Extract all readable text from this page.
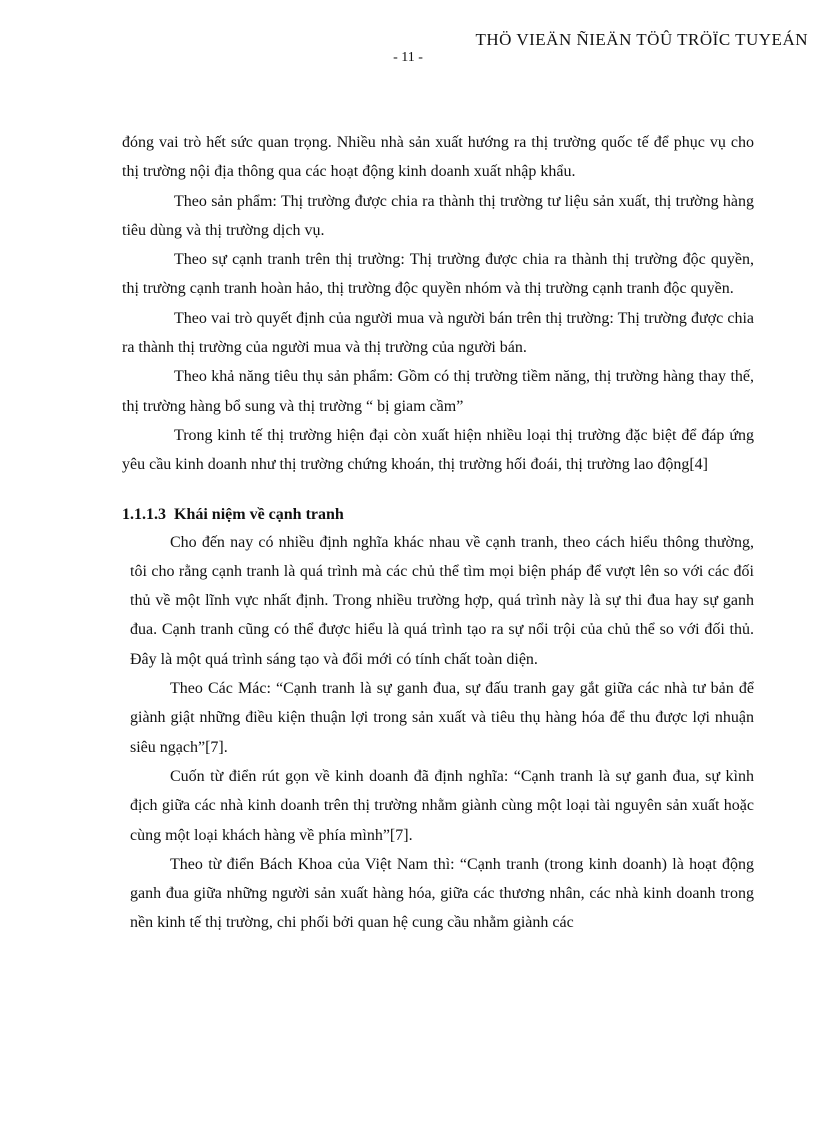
THÖ VIEÄN ÑIEÄN TÖÛ TRÖÏC TUYEÁN
- 11 -

đóng vai trò hết sức quan trọng. Nhiều nhà sản xuất hướng ra thị trường quốc tế để phục vụ cho thị trường nội địa thông qua các hoạt động kinh doanh xuất nhập khẩu.

Theo sản phẩm: Thị trường được chia ra thành thị trường tư liệu sản xuất, thị trường hàng tiêu dùng và thị trường dịch vụ.

Theo sự cạnh tranh trên thị trường: Thị trường được chia ra thành thị trường độc quyền, thị trường cạnh tranh hoàn hảo, thị trường độc quyền nhóm và thị trường cạnh tranh độc quyền.

Theo vai trò quyết định của người mua và người bán trên thị trường: Thị trường được chia ra thành thị trường của người mua và thị trường của người bán.

Theo khả năng tiêu thụ sản phẩm: Gồm có thị trường tiềm năng, thị trường hàng thay thế, thị trường hàng bổ sung và thị trường “ bị giam cầm”

Trong kinh tế thị trường hiện đại còn xuất hiện nhiều loại thị trường đặc biệt để đáp ứng yêu cầu kinh doanh như thị trường chứng khoán, thị trường hối đoái, thị trường lao động[4]

1.1.1.3 Khái niệm về cạnh tranh

Cho đến nay có nhiều định nghĩa khác nhau về cạnh tranh, theo cách hiểu thông thường, tôi cho rằng cạnh tranh là quá trình mà các chủ thể tìm mọi biện pháp để vượt lên so với các đối thủ về một lĩnh vực nhất định. Trong nhiều trường hợp, quá trình này là sự thi đua hay sự ganh đua. Cạnh tranh cũng có thể được hiểu là quá trình tạo ra sự nổi trội của chủ thể so với đối thủ. Đây là một quá trình sáng tạo và đổi mới có tính chất toàn diện.

Theo Các Mác: “Cạnh tranh là sự ganh đua, sự đấu tranh gay gắt giữa các nhà tư bản để giành giật những điều kiện thuận lợi trong sản xuất và tiêu thụ hàng hóa để thu được lợi nhuận siêu ngạch”[7].

Cuốn từ điển rút gọn về kinh doanh đã định nghĩa: “Cạnh tranh là sự ganh đua, sự kình địch giữa các nhà kinh doanh trên thị trường nhằm giành cùng một loại tài nguyên sản xuất hoặc cùng một loại khách hàng về phía mình”[7].

Theo từ điển Bách Khoa của Việt Nam thì: “Cạnh tranh (trong kinh doanh) là hoạt động ganh đua giữa những người sản xuất hàng hóa, giữa các thương nhân, các nhà kinh doanh trong nền kinh tế thị trường, chi phối bởi quan hệ cung cầu nhằm giành các
